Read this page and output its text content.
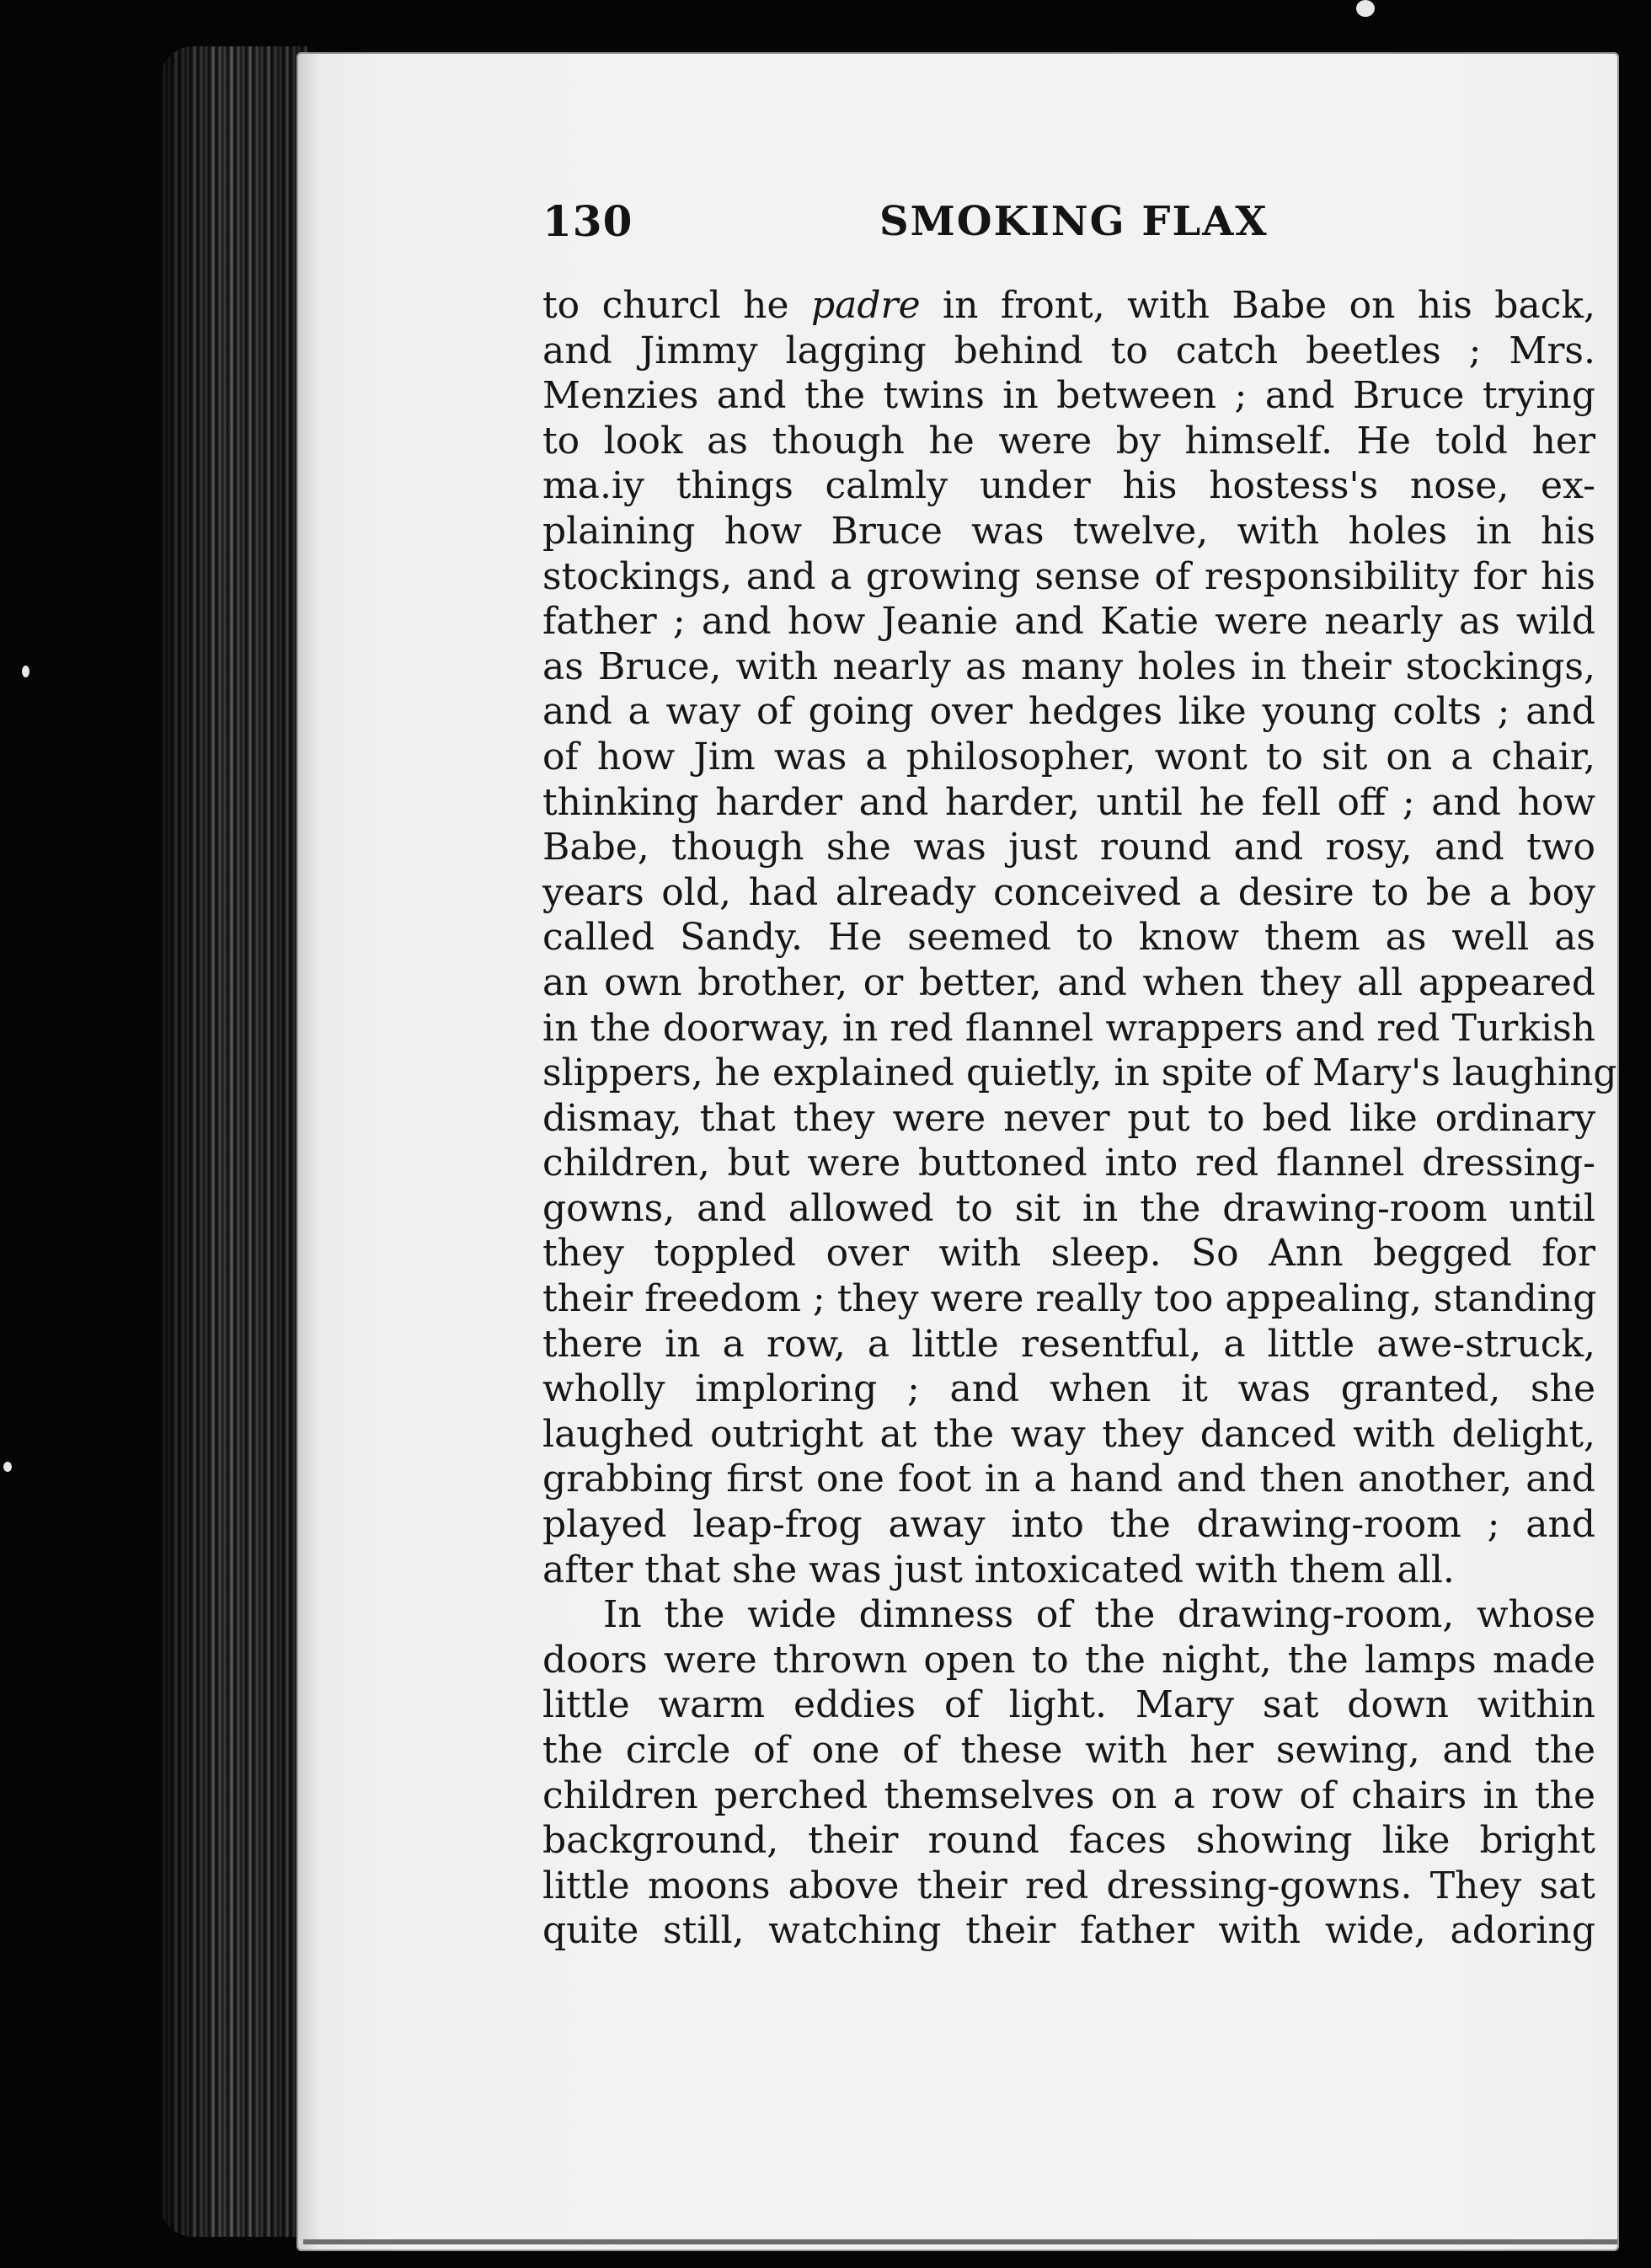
130	SMOKING FLAX
to churcl he padre in front, with Babe on his back,
and Jimmy lagging behind to catch beetles ; Mrs.
Menzies and the twins in between ; and Bruce trying
to look as though he were by himself. He told her
ma.iy things calmly under his hostess's nose, ex-
plaining how Bruce was twelve, with holes in his
stockings, and a growing sense of responsibility for his
father ; and how Jeanie and Katie were nearly as wild
as Bruce, with nearly as many holes in their stockings,
and a way of going over hedges like young colts ; and
of how Jim was a philosopher, wont to sit on a chair,
thinking harder and harder, until he fell off ; and how
Babe, though she was just round and rosy, and two
years old, had already conceived a desire to be a boy
called Sandy. He seemed to know them as well as
an own brother, or better, and when they all appeared
in the doorway, in red flannel wrappers and red Turkish
slippers, he explained quietly, in spite of Mary's laughing
dismay, that they were never put to bed like ordinary
children, but were buttoned into red flannel dressing-
gowns, and allowed to sit in the drawing-room until
they toppled over with sleep. So Ann begged for
their freedom ; they were really too appealing, standing
there in a row, a little resentful, a little awe-struck,
wholly imploring ; and when it was granted, she
laughed outright at the way they danced with delight,
grabbing first one foot in a hand and then another, and
played leap-frog away into the drawing-room ; and
after that she was just intoxicated with them all.
In the wide dimness of the drawing-room, whose
doors were thrown open to the night, the lamps made
little warm eddies of light. Mary sat down within
the circle of one of these with her sewing, and the
children perched themselves on a row of chairs in the
background, their round faces showing like bright
little moons above their red dressing-gowns. They sat
quite still, watching their father with wide, adoring
